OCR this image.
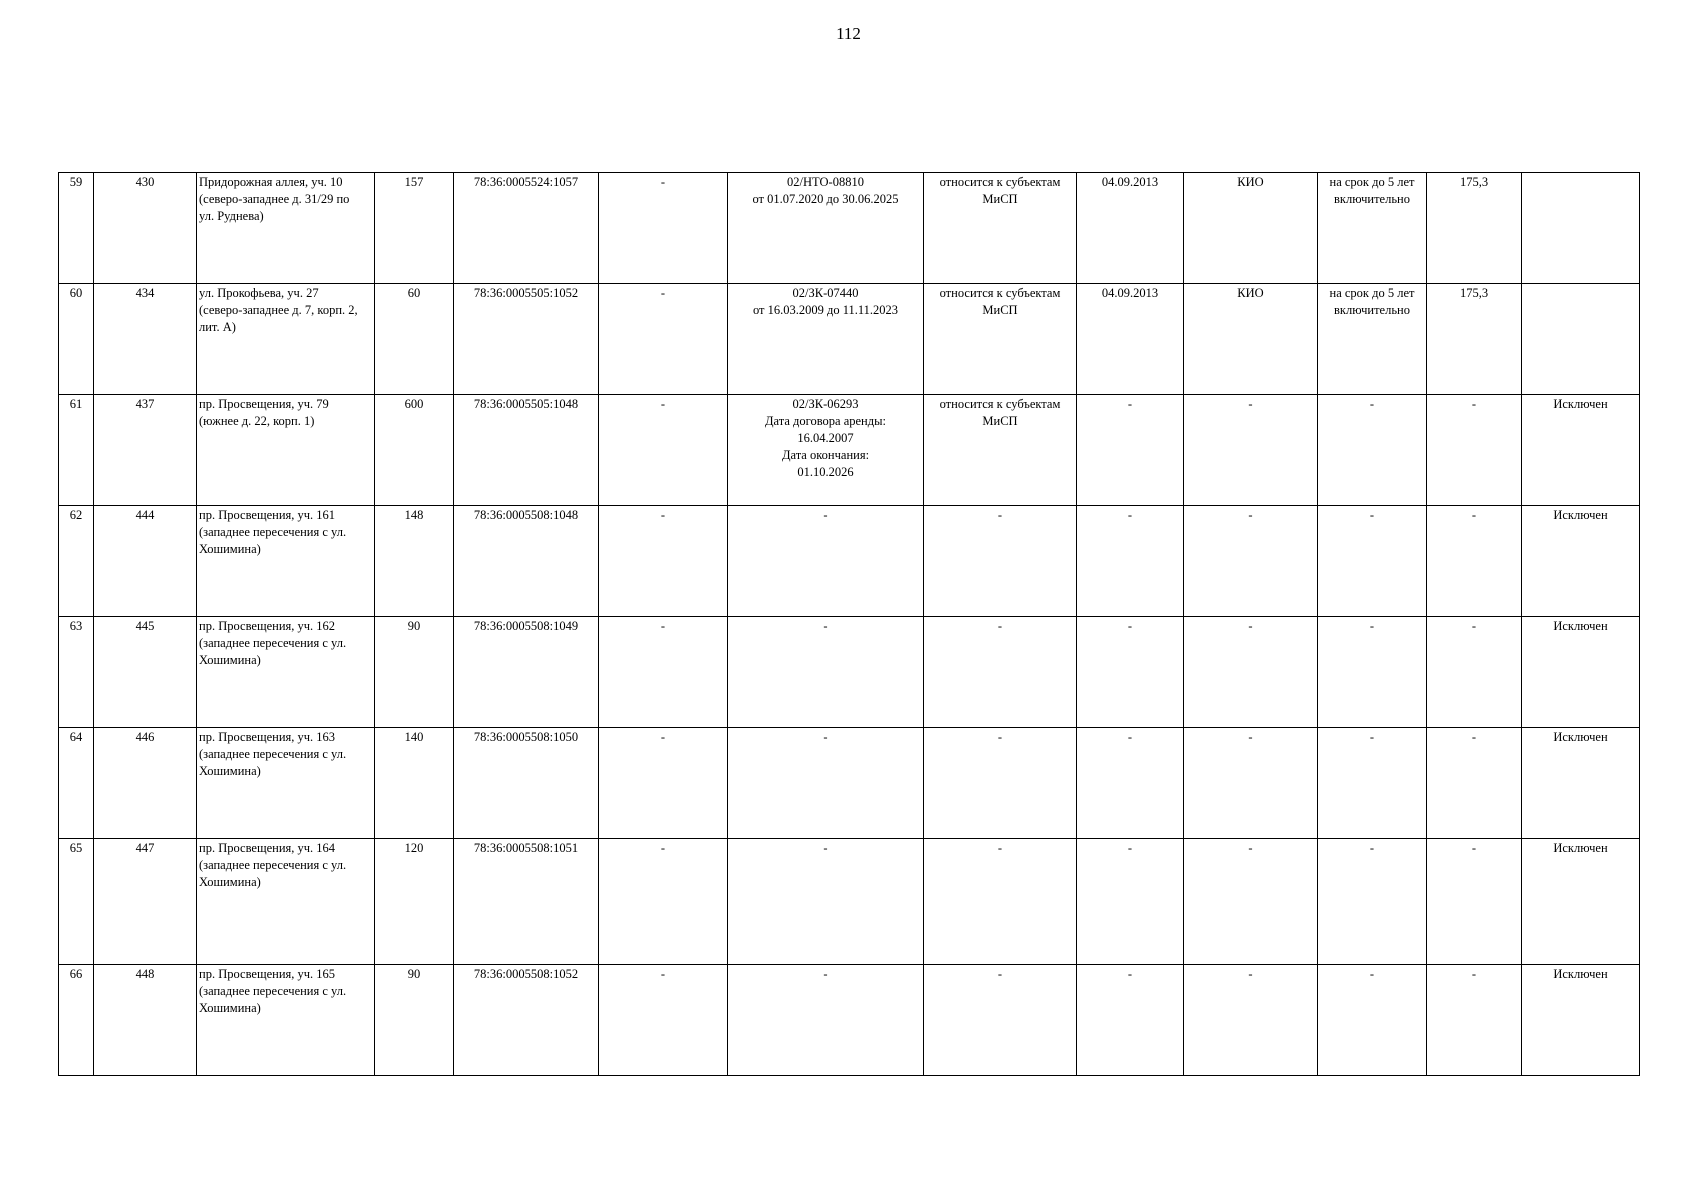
112
59	430	Придорожная аллея, уч. 10
(северо-западнее д. 31/29 по
ул. Руднева)	157	78:36:0005524:1057	-	02/НТО-08810
от 01.07.2020 до 30.06.2025	относится к субъектам
МиСП	04.09.2013	КИО	на срок до 5 лет
включительно	175,3	
60	434	ул. Прокофьева, уч. 27
(северо-западнее д. 7, корп. 2,
лит. А)	60	78:36:0005505:1052	-	02/ЗК-07440
от 16.03.2009 до 11.11.2023	относится к субъектам
МиСП	04.09.2013	КИО	на срок до 5 лет
включительно	175,3	
61	437	пр. Просвещения, уч. 79
(южнее д. 22, корп. 1)	600	78:36:0005505:1048	-	02/ЗК-06293
Дата договора аренды:
16.04.2007
Дата окончания:
01.10.2026	относится к субъектам
МиСП	-	-	-	-	Исключен
62	444	пр. Просвещения, уч. 161
(западнее пересечения с ул.
Хошимина)	148	78:36:0005508:1048	-	-	-	-	-	-	-	Исключен
63	445	пр. Просвещения, уч. 162
(западнее пересечения с ул.
Хошимина)	90	78:36:0005508:1049	-	-	-	-	-	-	-	Исключен
64	446	пр. Просвещения, уч. 163
(западнее пересечения с ул.
Хошимина)	140	78:36:0005508:1050	-	-	-	-	-	-	-	Исключен
65	447	пр. Просвещения, уч. 164
(западнее пересечения с ул.
Хошимина)	120	78:36:0005508:1051	-	-	-	-	-	-	-	Исключен
66	448	пр. Просвещения, уч. 165
(западнее пересечения с ул.
Хошимина)	90	78:36:0005508:1052	-	-	-	-	-	-	-	Исключен
